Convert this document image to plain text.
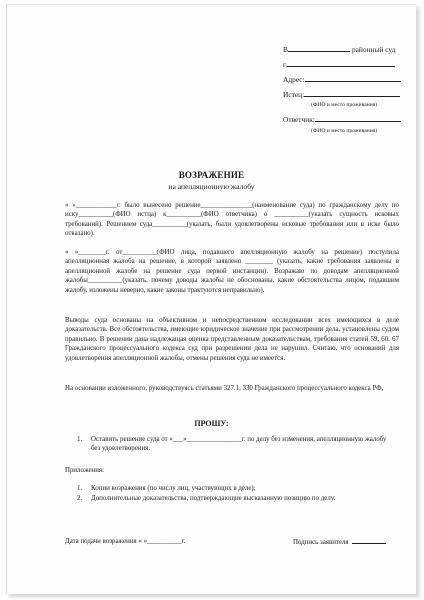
В	районный суд
г.
Адрес:
Истец:
(ФИО и место проживания)
Ответчик:
(ФИО и место проживания)
ВОЗРАЖЕНИЕ
на апелляционную жалобу
« »____________г. было вынесено решение_______________(наименование суда) по гражданскому делу по иску__________(ФИО истца) к__________(ФИО ответчика) о __________(указать сущность исковых требований). Решением суда__________(указать, были удовлетворены исковые требования или в иске было отказано).
« »________г. от__________(ФИО лица, подавшего апелляционную жалобу на решение) поступила апелляционная жалоба на решение, в которой заявлено ________ (указать, какие требования заявлены в апелляционной жалобе на решение суда первой инстанции). Возражаю по доводам апелляционной жалобы__________(указать, почему доводы жалобы не обоснованы, какие обстоятельства лицом, подавшим жалобу, изложены неверно, какие законы трактуются неправильно).
Выводы суда основаны на объективном и непосредственном исследовании всех имеющихся в деле доказательств. Все обстоятельства, имеющие юридическое значение при рассмотрении дела, установлены судом правильно. В решении дана надлежащая оценка представленным доказательствам, требования статей 59, 60, 67 Гражданского процессуального кодекса суд при разрешении дела не нарушил. Считаю, что оснований для удовлетворения апелляционной жалобы, отмены решения суда не имеется.
На основании изложенного, руководствуясь статьями 327.1, 330 Гражданского процессуального кодекса РФ,
ПРОШУ:
1.	Оставить решение суда от «___»________________г. по делу без изменения, апелляционную жалобу без удовлетворения.
Приложения:
1.	Копии возражения (по числу лиц, участвующих в деле);
2.	Дополнительные доказательства, подтверждающие высказанную позицию по делу.
Дата подачи возражения « »__________г.	Подпись заявителя
